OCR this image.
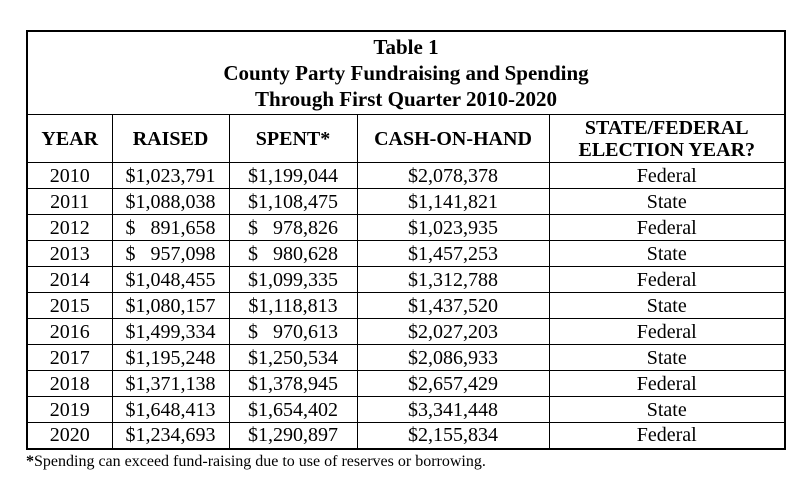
Table 1
County Party Fundraising and Spending
Through First Quarter 2010-2020				

YEAR	RAISED	SPENT*	CASH-ON-HAND	STATE/FEDERAL ELECTION YEAR?
2010	$1,023,791	$1,199,044	$2,078,378	Federal
2011	$1,088,038	$1,108,475	$1,141,821	State
2012	$   891,658	$   978,826	$1,023,935	Federal
2013	$   957,098	$   980,628	$1,457,253	State
2014	$1,048,455	$1,099,335	$1,312,788	Federal
2015	$1,080,157	$1,118,813	$1,437,520	State
2016	$1,499,334	$   970,613	$2,027,203	Federal
2017	$1,195,248	$1,250,534	$2,086,933	State
2018	$1,371,138	$1,378,945	$2,657,429	Federal
2019	$1,648,413	$1,654,402	$3,341,448	State
2020	$1,234,693	$1,290,897	$2,155,834	Federal
*Spending can exceed fund-raising due to use of reserves or borrowing.
